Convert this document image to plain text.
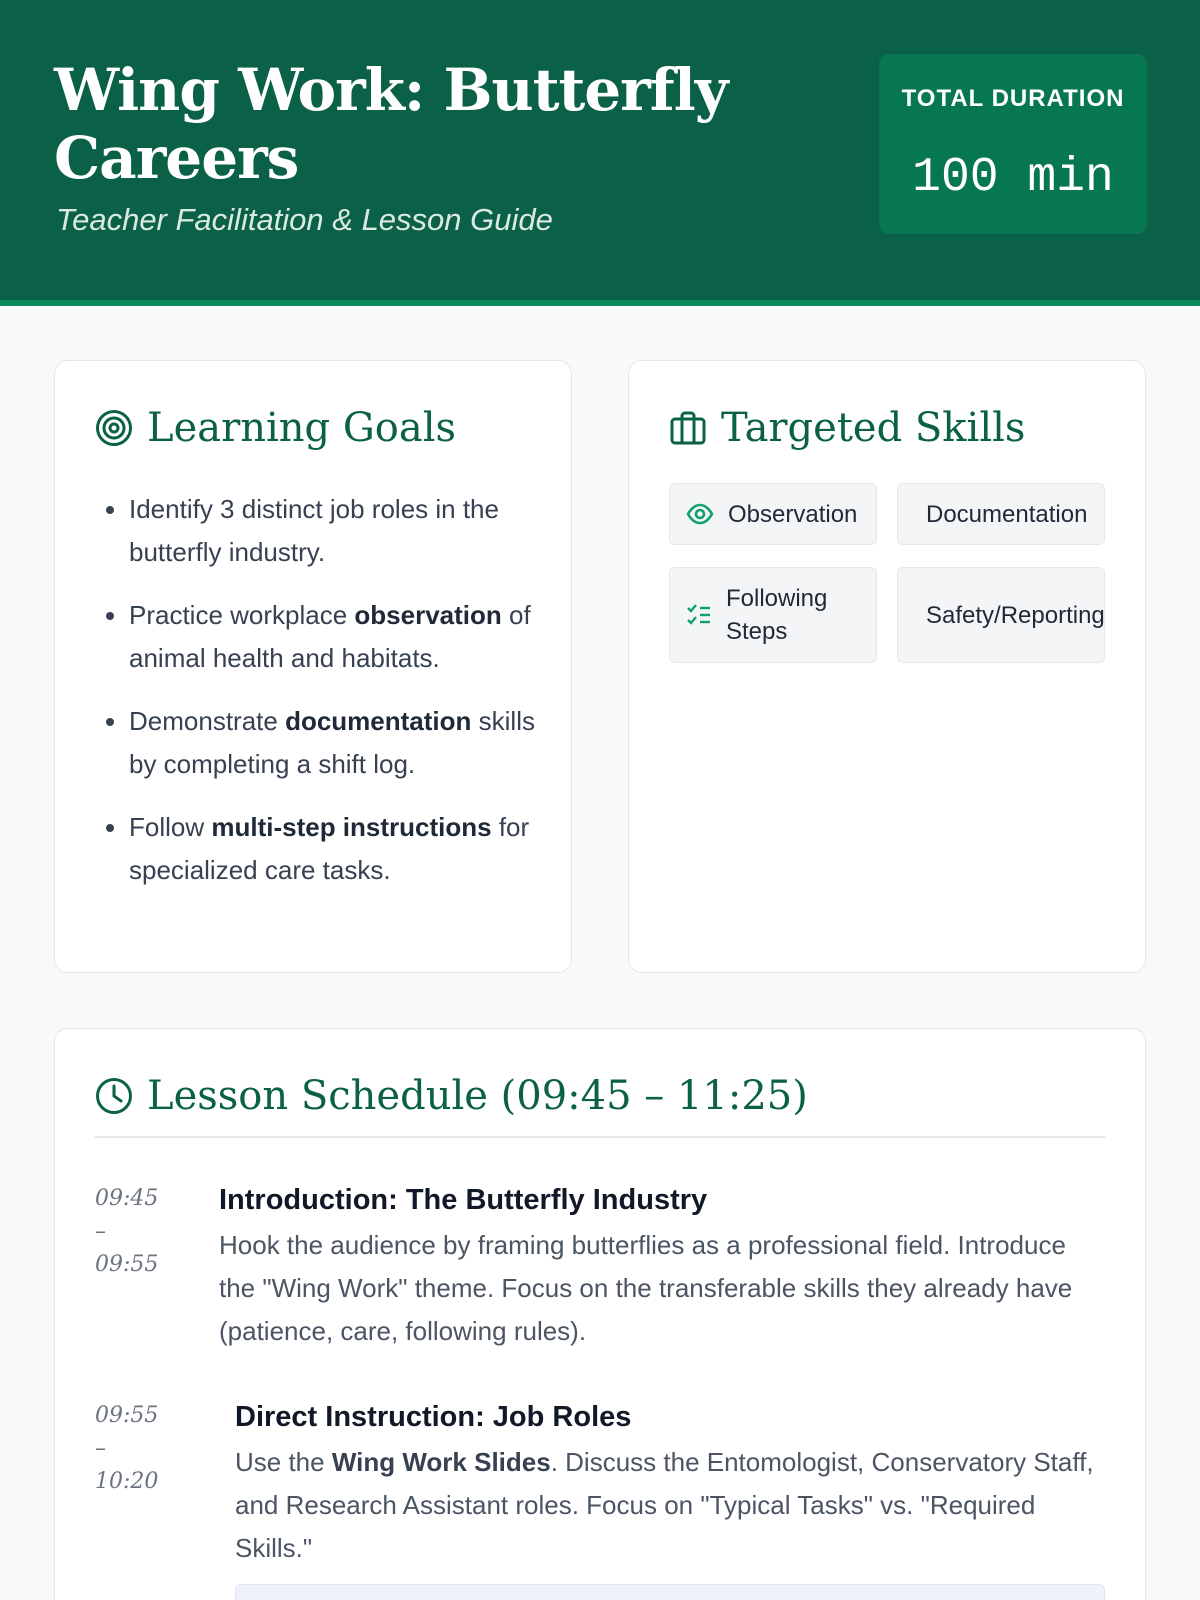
Wing Work: Butterfly Careers
Teacher Facilitation & Lesson Guide
TOTAL DURATION
100 min
Learning Goals
• Identify 3 distinct job roles in the butterfly industry.
• Practice workplace observation of animal health and habitats.
• Demonstrate documentation skills by completing a shift log.
• Follow multi-step instructions for specialized care tasks.
Targeted Skills
Observation	Documentation
Following Steps
Safety/Reporting
Lesson Schedule (09:45 – 11:25)
09:45
–
09:55
Introduction: The Butterfly Industry
Hook the audience by framing butterflies as a professional field. Introduce the "Wing Work" theme. Focus on the transferable skills they already have (patience, care, following rules).
09:55
–
10:20
Direct Instruction: Job Roles
Use the Wing Work Slides. Discuss the Entomologist, Conservatory Staff, and Research Assistant roles. Focus on "Typical Tasks" vs. "Required Skills."
